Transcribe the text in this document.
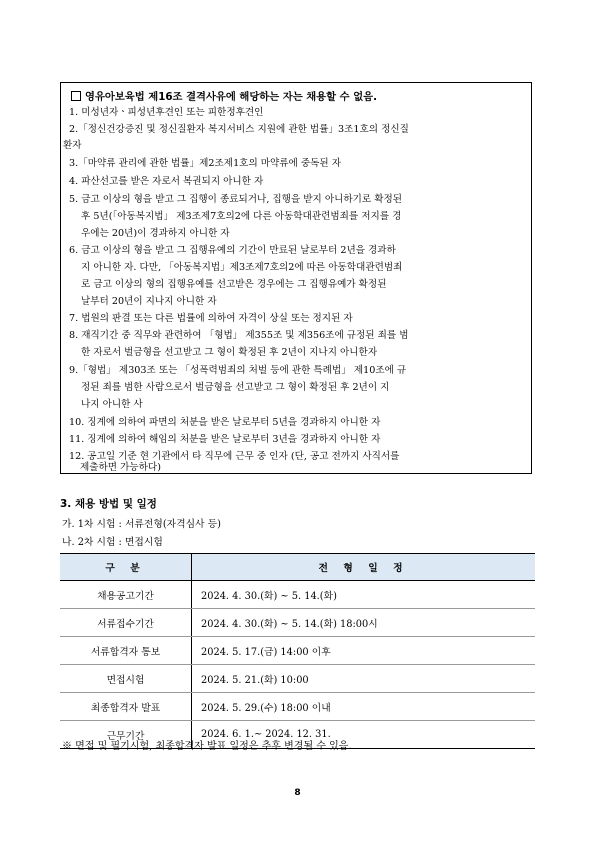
영유아보육법 제16조 결격사유에 해당하는 자는 채용할 수 없음.
1. 미성년자ㆍ피성년후견인 또는 피한정후견인
2.「정신건강증진 및 정신질환자 복지서비스 지원에 관한 법률」3조1호의 정신질
환자
3.「마약류 관리에 관한 법률」제2조제1호의 마약류에 중독된 자
4. 파산선고를 받은 자로서 복권되지 아니한 자
5. 금고 이상의 형을 받고 그 집행이 종료되거나, 집행을 받지 아니하기로 확정된
후 5년(「아동복지법」 제3조제7호의2에 다른 아동학대관련범죄를 저지를 경
우에는 20년)이 경과하지 아니한 자
6. 금고 이상의 형을 받고 그 집행유예의 기간이 만료된 날로부터 2년을 경과하
지 아니한 자. 다만, 「아동복지법」제3조제7호의2에 따른 아동학대관련범죄
로 금고 이상의 형의 집행유예를 선고받은 경우에는 그 집행유예가 확정된
날부터 20년이 지나지 아니한 자
7. 법원의 판결 또는 다른 법률에 의하여 자격이 상실 또는 정지된 자
8. 재직기간 중 직무와 관련하여 「형법」 제355조 및 제356조에 규정된 죄를 범
한 자로서 벌금형을 선고받고 그 형이 확정된 후 2년이 지나지 아니한자
9.「형법」 제303조 또는 「성폭력범죄의 처벌 등에 관한 특례법」 제10조에 규
정된 죄를 범한 사람으로서 벌금형을 선고받고 그 형이 확정된 후 2년이 지
나지 아니한 사
10. 징계에 의하여 파면의 처분을 받은 날로부터 5년을 경과하지 아니한 자
11. 징계에 의하여 해임의 처분을 받은 날로부터 3년을 경과하지 아니한 자
12. 공고일 기준 현 기관에서 타 직무에 근무 중 인자 (단, 공고 전까지 사직서를
제출하면 가능하다)
3. 채용 방법 및 일정
가. 1차 시험 : 서류전형(자격심사 등)
나. 2차 시험 : 면접시험
구 분	전 형 일 정
채용공고기간	2024. 4. 30.(화) ~ 5. 14.(화)
서류접수기간	2024. 4. 30.(화) ~ 5. 14.(화) 18:00시
서류합격자 통보	2024. 5. 17.(금) 14:00 이후
면접시험	2024. 5. 21.(화) 10:00
최종합격자 발표	2024. 5. 29.(수) 18:00 이내
근무기간	2024. 6. 1.~ 2024. 12. 31.
※ 면접 및 필기시험, 최종합격자 발표 일정은 추후 변경될 수 있음.
8
